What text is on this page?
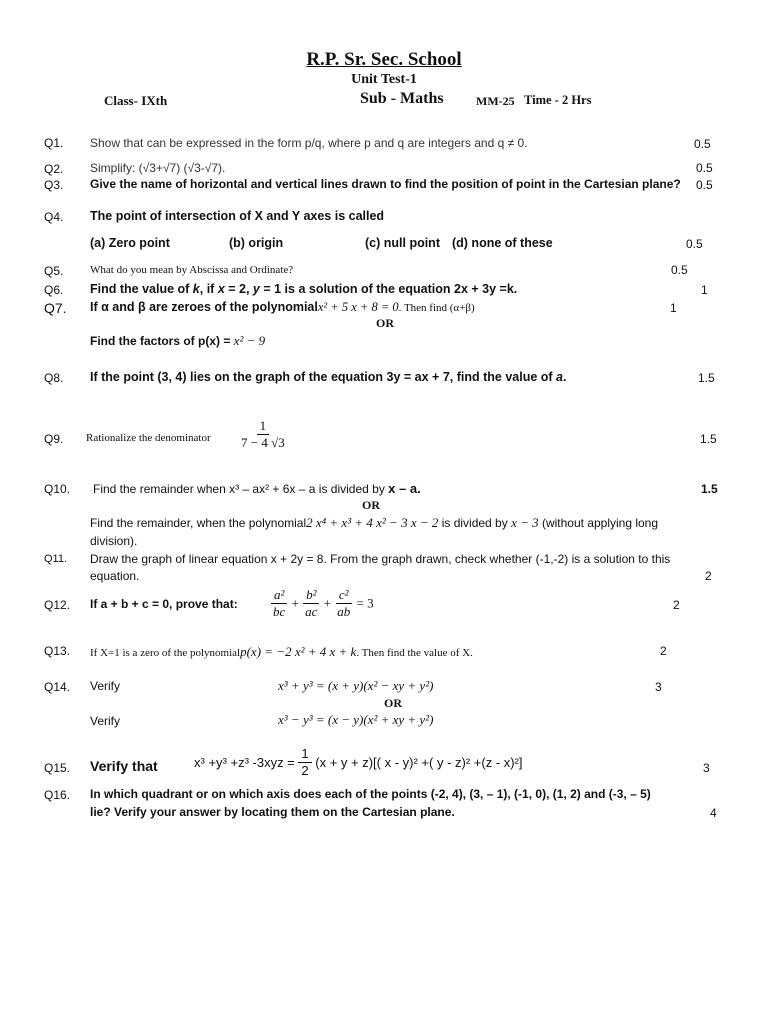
R.P. Sr. Sec. School
Unit Test-1
Class- IXth	Sub - Maths	MM-25 Time - 2 Hrs
Q1. Show that can be expressed in the form p/q, where p and q are integers and q ≠ 0.	0.5
Q2. Simplify: (√3+√7) (√3-√7).	0.5
Q3. Give the name of horizontal and vertical lines drawn to find the position of point in the Cartesian plane? 0.5
Q4. The point of intersection of X and Y axes is called
(a) Zero point	(b) origin	(c) null point (d) none of these	0.5
Q5. What do you mean by Abscissa and Ordinate?	0.5
Q6. Find the value of k, if x = 2, y = 1 is a solution of the equation 2x + 3y =k.	1
Q7. If α and β are zeroes of the polynomialx² + 5 x + 8 = 0. Then find (α+β)	1
OR
Find the factors of p(x) = x² − 9
Q8. If the point (3, 4) lies on the graph of the equation 3y = ax + 7, find the value of a.	1.5
Q9. Rationalize the denominator $\frac{1}{7 - 4 √3}$	1.5
Q10. Find the remainder when x³ – ax² + 6x – a is divided by x – a.	1.5
OR
Find the remainder, when the polynomial2 x⁴ + x³ + 4 x² − 3 x − 2 is divided by x − 3 (without applying long
division).
Q11. Draw the graph of linear equation x + 2y = 8. From the graph drawn, check whether (-1,-2) is a solution to this
equation.	2
Q12. If a + b + c = 0, prove that: $\frac{\text{a²}}{bc} + \frac{\text{b²}}{ac} + \frac{\text{c²}}{ab} = 3$	2
Q13. If X=1 is a zero of the polynomialp(x) = −2 x² + 4 x + k. Then find the value of X.	2
Q14. Verify	x³ + y³ = (x + y)(x² − xy + y²)	3
OR
Verify	x³ − y³ = (x − y)(x² + xy + y²)
Q15. Verify that	x³ +y³ +z³ $-3xyz = \frac{1}{2} (x + y + z)$[( x - y)² +( y - z)² +(z - x)²]	3
Q16. In which quadrant or on which axis does each of the points (-2, 4), (3, – 1), (-1, 0), (1, 2) and (-3, – 5)
lie? Verify your answer by locating them on the Cartesian plane.	4
